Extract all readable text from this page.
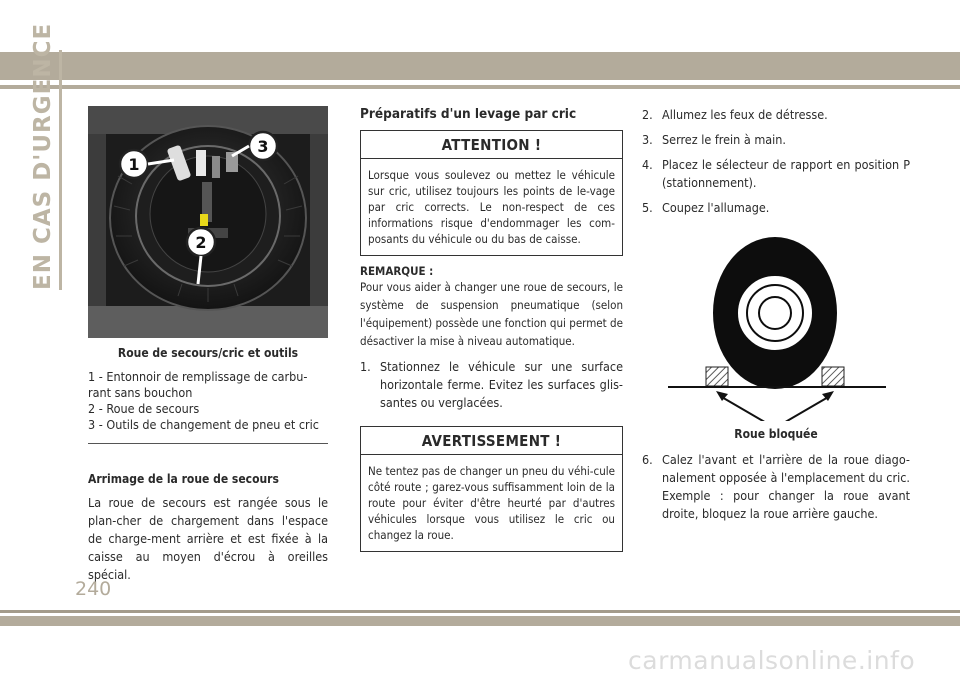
EN CAS D'URGENCE	1
3
2
Roue de secours/cric et outils
1 - Entonnoir de remplissage de carbu-rant sans bouchon
2 - Roue de secours
3 - Outils de changement de pneu et cric
Arrimage de la roue de secours
La roue de secours est rangée sous le plan-cher de chargement dans l'espace de charge-ment arrière et est fixée à la caisse au moyen d'écrou à oreilles spécial.
Préparatifs d'un levage par cric
ATTENTION !
Lorsque vous soulevez ou mettez le véhicule sur cric, utilisez toujours les points de le-vage par cric corrects. Le non-respect de ces informations risque d'endommager les com-posants du véhicule ou du bas de caisse.
REMARQUE :
Pour vous aider à changer une roue de secours, le système de suspension pneumatique (selon l'équipement) possède une fonction qui permet de désactiver la mise à niveau automatique.
1. Stationnez le véhicule sur une surface horizontale ferme. Evitez les surfaces glis-santes ou verglacées.
AVERTISSEMENT !
Ne tentez pas de changer un pneu du véhi-cule côté route ; garez-vous suffisamment loin de la route pour éviter d'être heurté par d'autres véhicules lorsque vous utilisez le cric ou changez la roue.
2. Allumez les feux de détresse.
3. Serrez le frein à main.
4. Placez le sélecteur de rapport en position P (stationnement).
5. Coupez l'allumage.
Roue bloquée
6. Calez l'avant et l'arrière de la roue diago-nalement opposée à l'emplacement du cric. Exemple : pour changer la roue avant droite, bloquez la roue arrière gauche.
240
carmanualsonline.info
